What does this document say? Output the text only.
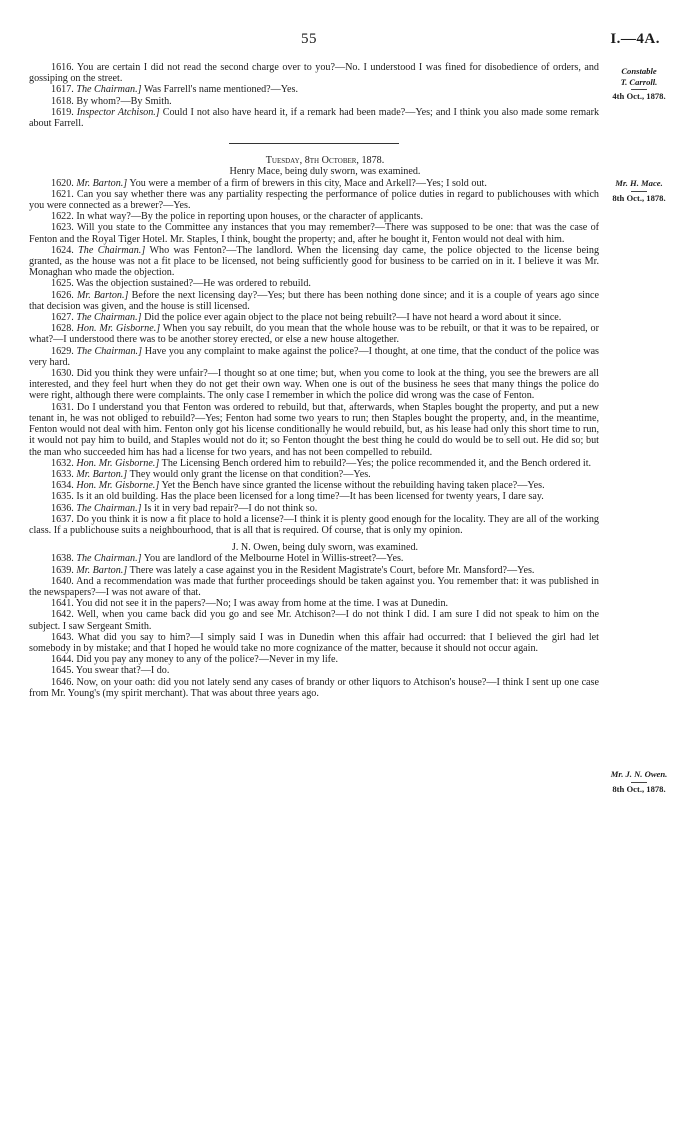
55	I.—4A.
Constable
T. Carroll.
4th Oct., 1878.
Mr. H. Mace.
8th Oct., 1878.
Mr. J. N. Owen.
8th Oct., 1878.

1616. You are certain I did not read the second charge over to you?—No. I understood I was fined for disobedience of orders, and gossiping on the street.

1617. The Chairman.] Was Farrell's name mentioned?—Yes.

1618. By whom?—By Smith.

1619. Inspector Atchison.] Could I not also have heard it, if a remark had been made?—Yes; and I think you also made some remark about Farrell.

Tuesday, 8th October, 1878.

Henry Mace, being duly sworn, was examined.

1620. Mr. Barton.] You were a member of a firm of brewers in this city, Mace and Arkell?—Yes; I sold out.

1621. Can you say whether there was any partiality respecting the performance of police duties in regard to publichouses with which you were connected as a brewer?—Yes.

1622. In what way?—By the police in reporting upon houses, or the character of applicants.

1623. Will you state to the Committee any instances that you may remember?—There was supposed to be one: that was the case of Fenton and the Royal Tiger Hotel. Mr. Staples, I think, bought the property; and, after he bought it, Fenton would not deal with him.

1624. The Chairman.] Who was Fenton?—The landlord. When the licensing day came, the police objected to the license being granted, as the house was not a fit place to be licensed, not being sufficiently good for business to be carried on in it. I believe it was Mr. Monaghan who made the objection.

1625. Was the objection sustained?—He was ordered to rebuild.

1626. Mr. Barton.] Before the next licensing day?—Yes; but there has been nothing done since; and it is a couple of years ago since that decision was given, and the house is still licensed.

1627. The Chairman.] Did the police ever again object to the place not being rebuilt?—I have not heard a word about it since.

1628. Hon. Mr. Gisborne.] When you say rebuilt, do you mean that the whole house was to be rebuilt, or that it was to be repaired, or what?—I understood there was to be another storey erected, or else a new house altogether.

1629. The Chairman.] Have you any complaint to make against the police?—I thought, at one time, that the conduct of the police was very hard.

1630. Did you think they were unfair?—I thought so at one time; but, when you come to look at the thing, you see the brewers are all interested, and they feel hurt when they do not get their own way. When one is out of the business he sees that many things the police do were right, although there were complaints. The only case I remember in which the police did wrong was the case of Fenton.

1631. Do I understand you that Fenton was ordered to rebuild, but that, afterwards, when Staples bought the property, and put a new tenant in, he was not obliged to rebuild?—Yes; Fenton had some two years to run; then Staples bought the property, and, in the meantime, Fenton would not deal with him. Fenton only got his license conditionally he would rebuild, but, as his lease had only this short time to run, it would not pay him to build, and Staples would not do it; so Fenton thought the best thing he could do would be to sell out. He did so; but the man who succeeded him has had a license for two years, and has not been compelled to rebuild.

1632. Hon. Mr. Gisborne.] The Licensing Bench ordered him to rebuild?—Yes; the police recommended it, and the Bench ordered it.

1633. Mr. Barton.] They would only grant the license on that condition?—Yes.

1634. Hon. Mr. Gisborne.] Yet the Bench have since granted the license without the rebuilding having taken place?—Yes.

1635. Is it an old building. Has the place been licensed for a long time?—It has been licensed for twenty years, I dare say.

1636. The Chairman.] Is it in very bad repair?—I do not think so.

1637. Do you think it is now a fit place to hold a license?—I think it is plenty good enough for the locality. They are all of the working class. If a publichouse suits a neighbourhood, that is all that is required. Of course, that is only my opinion.

J. N. Owen, being duly sworn, was examined.

1638. The Chairman.] You are landlord of the Melbourne Hotel in Willis-street?—Yes.

1639. Mr. Barton.] There was lately a case against you in the Resident Magistrate's Court, before Mr. Mansford?—Yes.

1640. And a recommendation was made that further proceedings should be taken against you. You remember that: it was published in the newspapers?—I was not aware of that.

1641. You did not see it in the papers?—No; I was away from home at the time. I was at Dunedin.

1642. Well, when you came back did you go and see Mr. Atchison?—I do not think I did. I am sure I did not speak to him on the subject. I saw Sergeant Smith.

1643. What did you say to him?—I simply said I was in Dunedin when this affair had occurred: that I believed the girl had let somebody in by mistake; and that I hoped he would take no more cognizance of the matter, because it should not occur again.

1644. Did you pay any money to any of the police?—Never in my life.

1645. You swear that?—I do.

1646. Now, on your oath: did you not lately send any cases of brandy or other liquors to Atchison's house?—I think I sent up one case from Mr. Young's (my spirit merchant). That was about three years ago.
